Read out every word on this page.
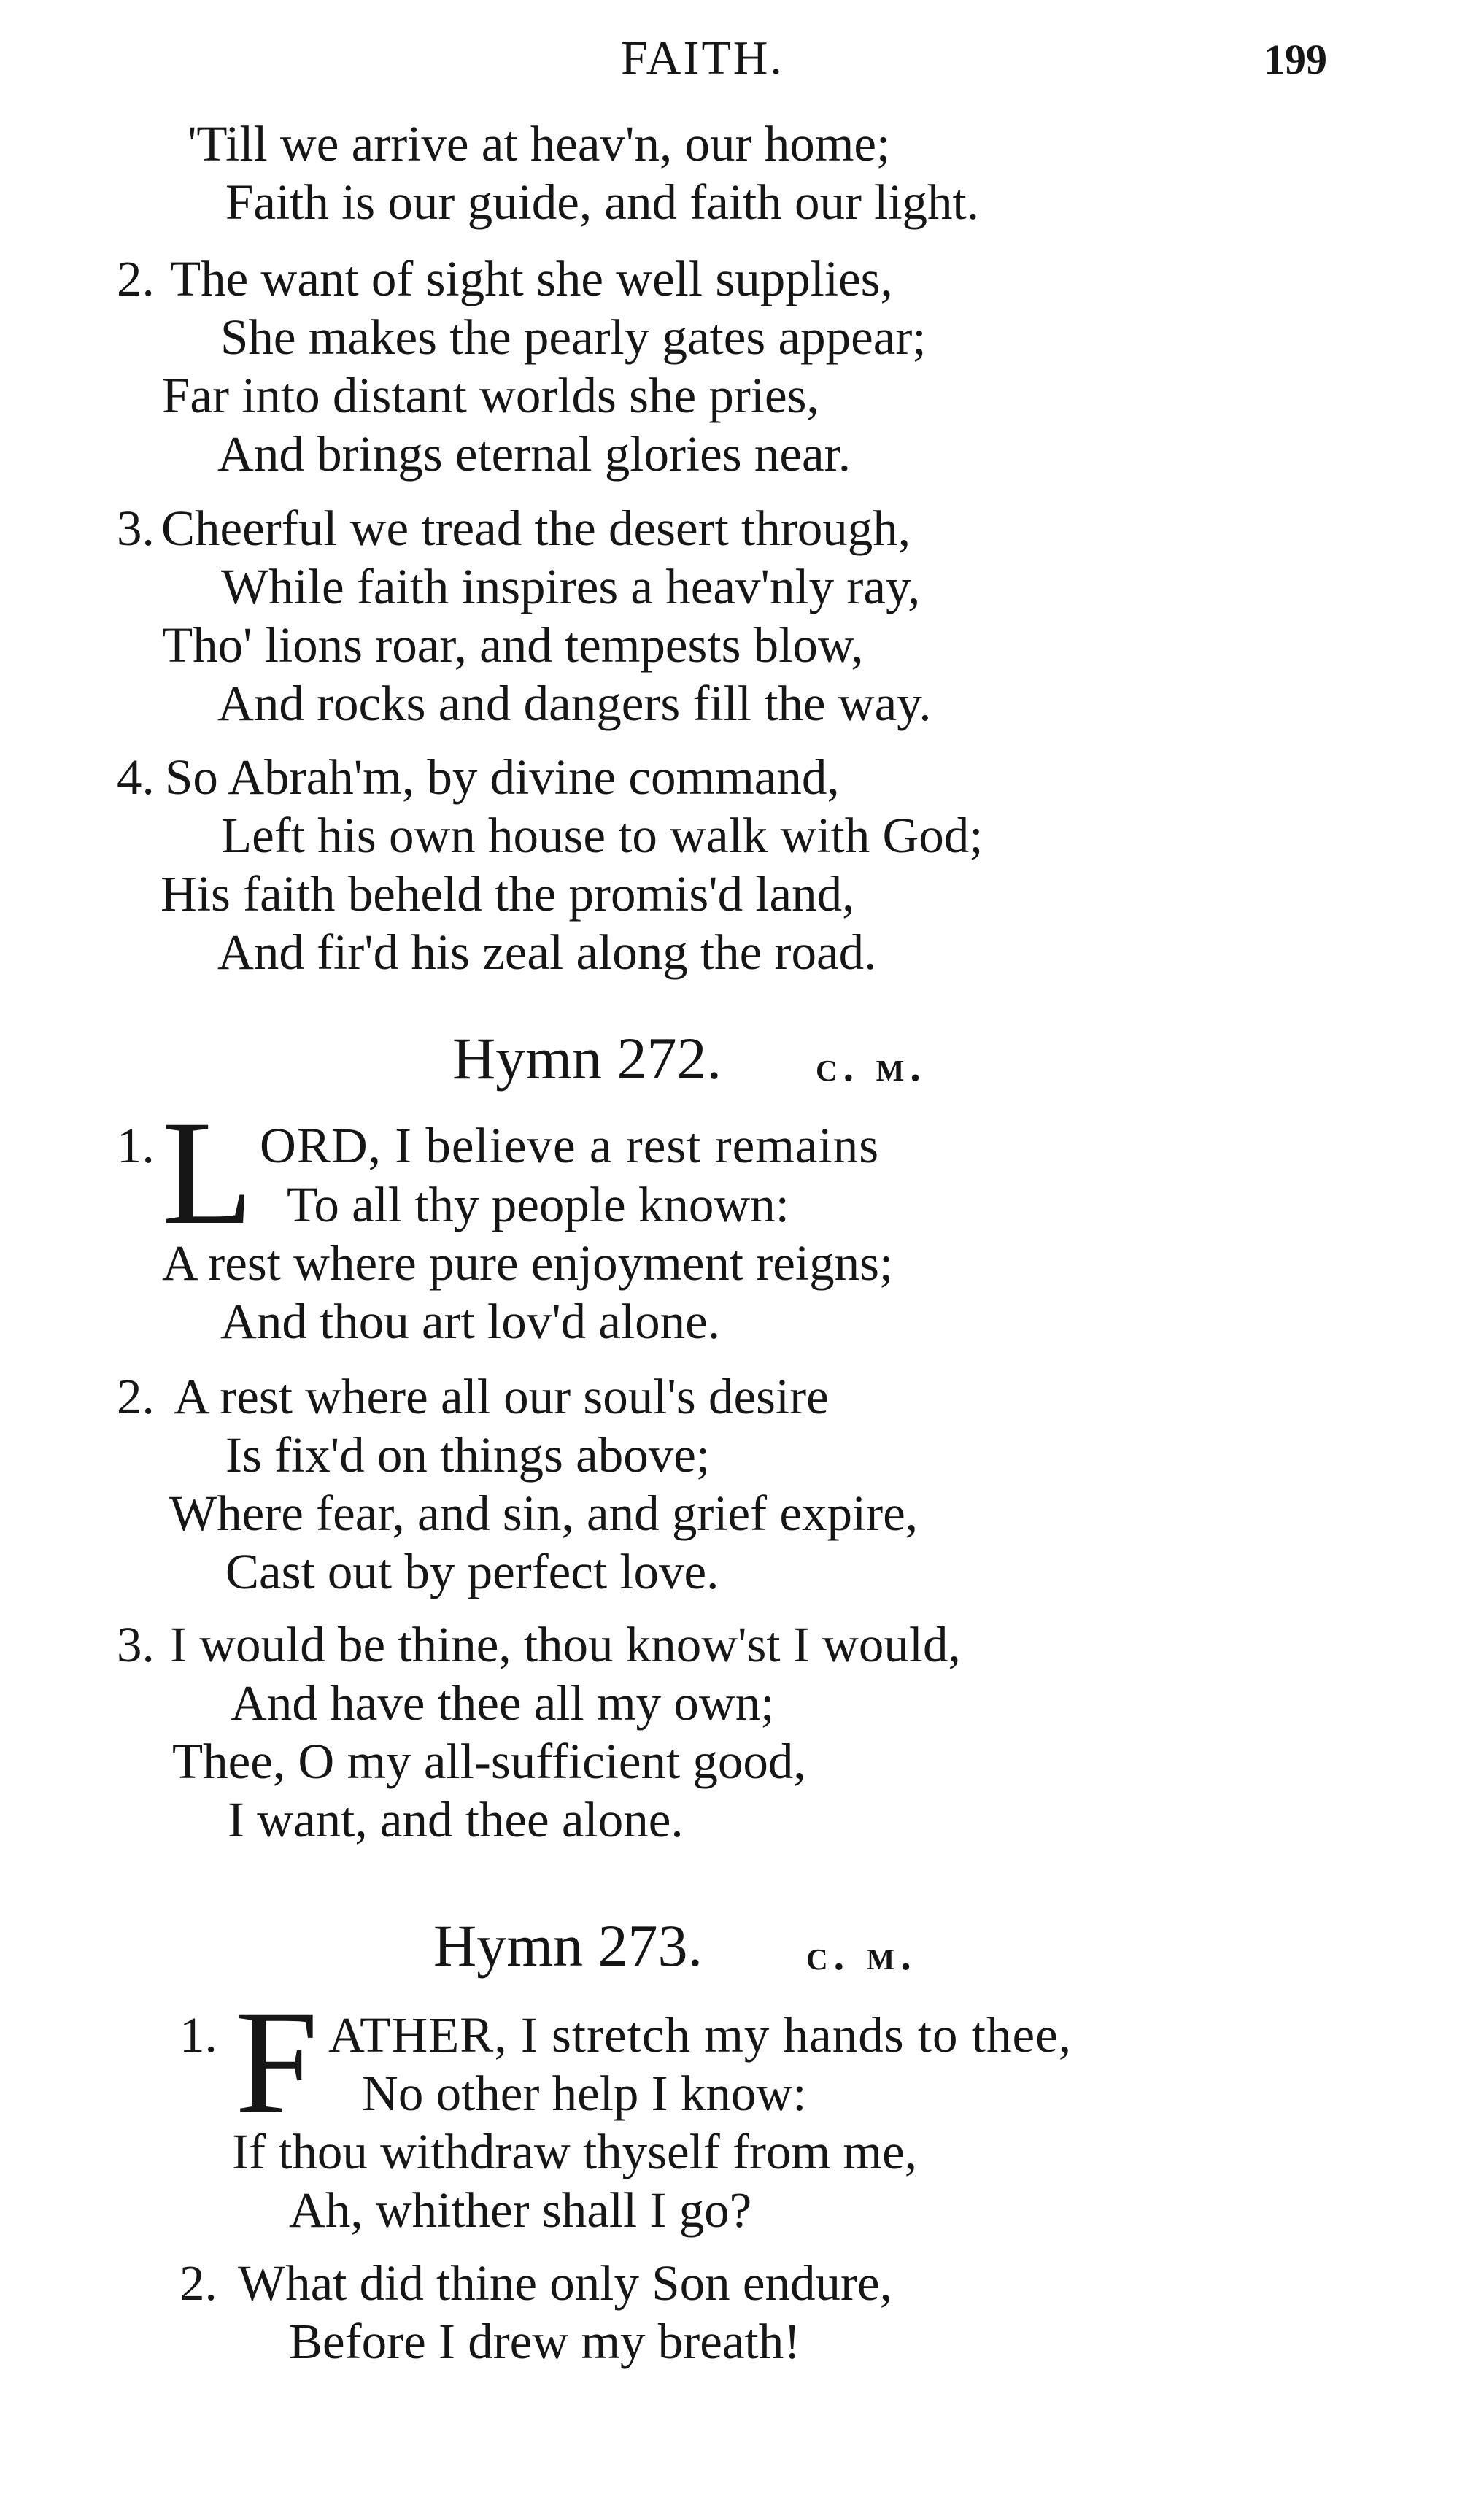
FAITH.	199
'Till we arrive at heav'n, our home;
Faith is our guide, and faith our light.
2. The want of sight she well supplies,
She makes the pearly gates appear;
Far into distant worlds she pries,
And brings eternal glories near.
3. Cheerful we tread the desert through,
While faith inspires a heav'nly ray,
Tho' lions roar, and tempests blow,
And rocks and dangers fill the way.
4. So Abrah'm, by divine command,
Left his own house to walk with God;
His faith beheld the promis'd land,
And fir'd his zeal along the road.
Hymn 272. c. m.
1. L ORD, I believe a rest remains
To all thy people known:
A rest where pure enjoyment reigns;
And thou art lov'd alone.
2. A rest where all our soul's desire
Is fix'd on things above;
Where fear, and sin, and grief expire,
Cast out by perfect love.
3. I would be thine, thou know'st I would,
And have thee all my own;
Thee, O my all-sufficient good,
I want, and thee alone.
Hymn 273. c. m.
1. F ATHER, I stretch my hands to thee,
No other help I know:
If thou withdraw thyself from me,
Ah, whither shall I go?
2. What did thine only Son endure,
Before I drew my breath!
